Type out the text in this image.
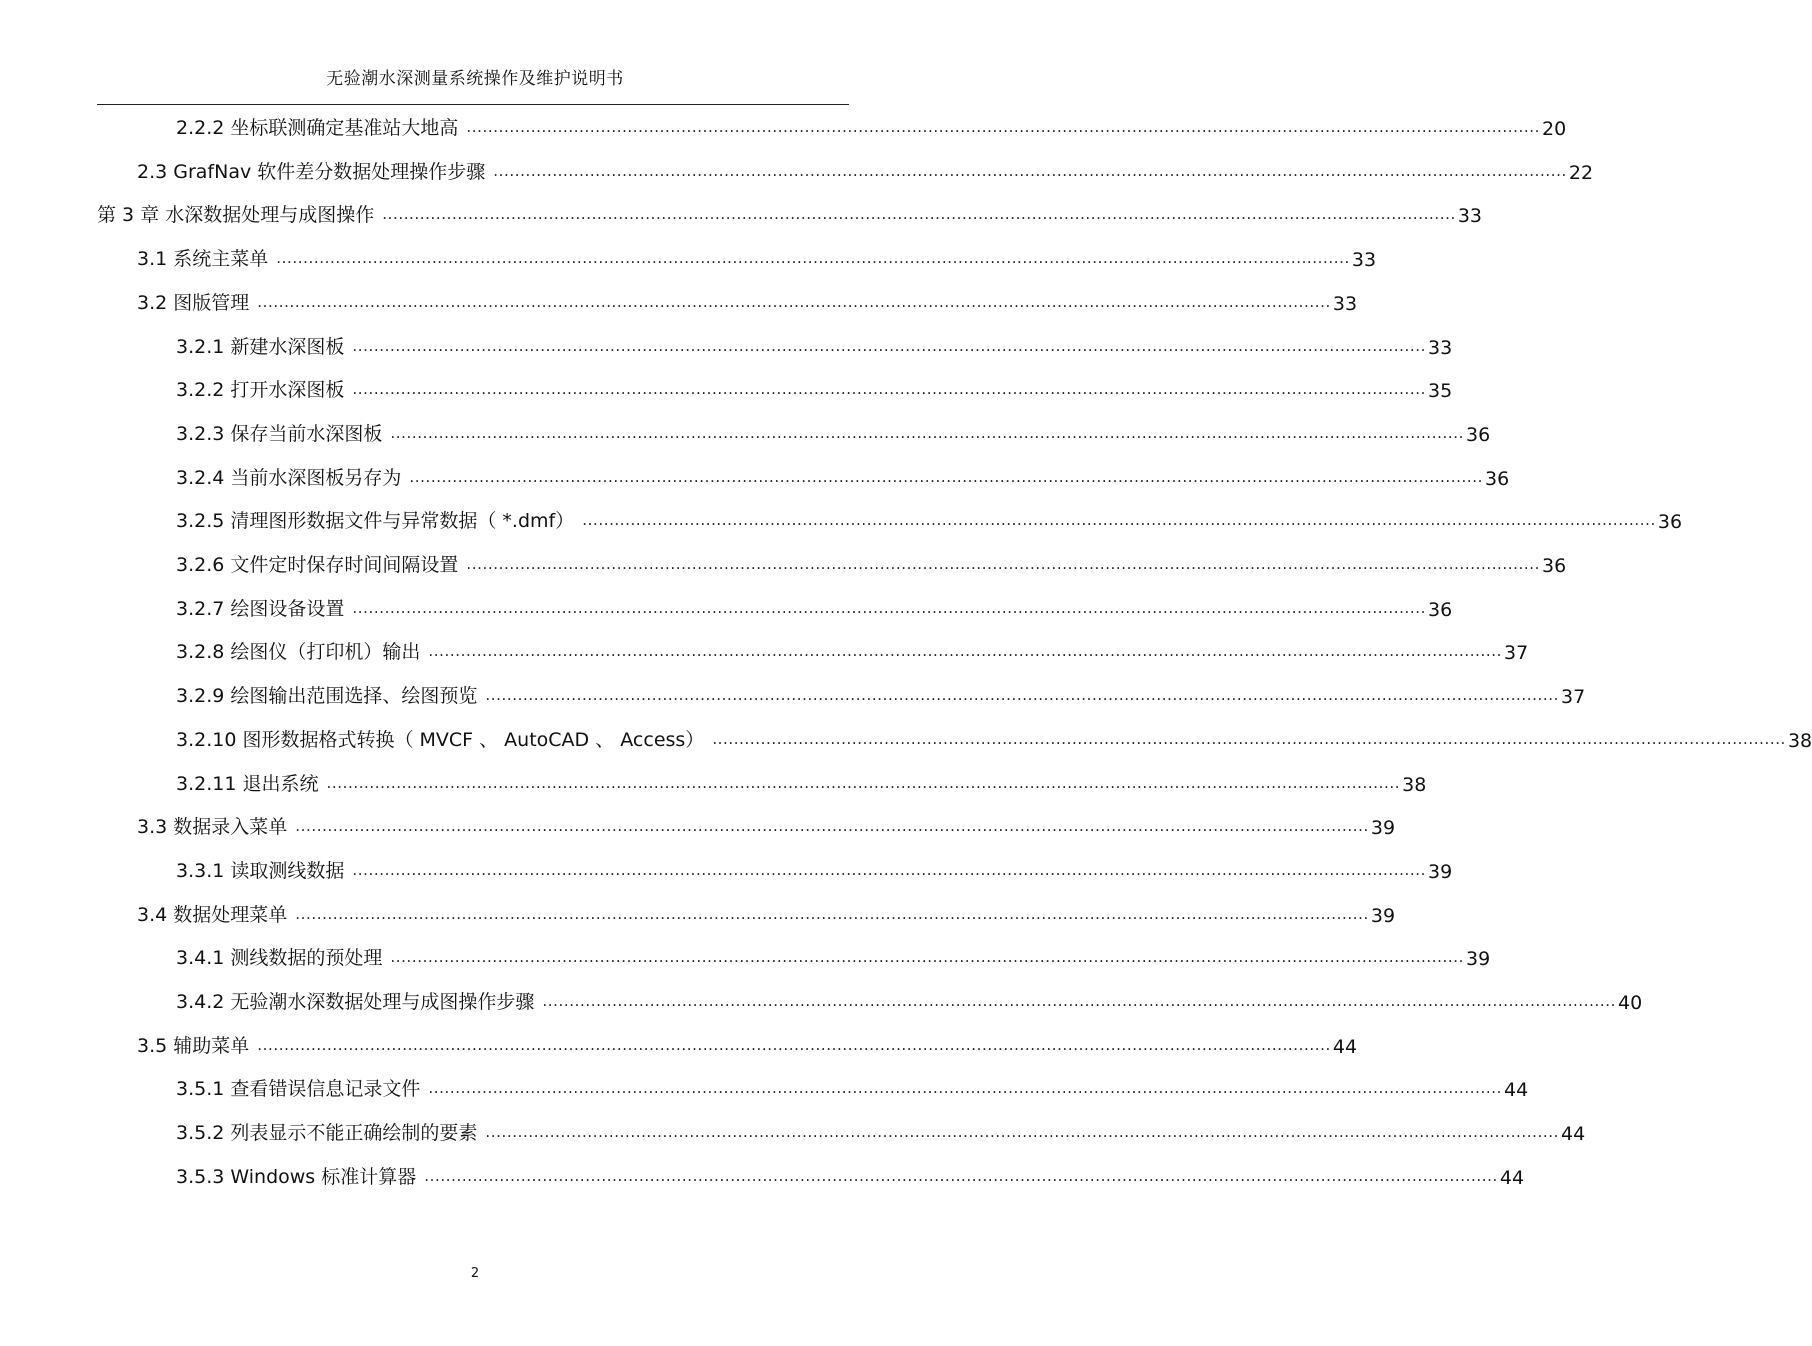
无验潮水深测量系统操作及维护说明书
2.2.2 坐标联测确定基准站大地高 ........................................................................................................................................................................................................ 20
2.3 GrafNav 软件差分数据处理操作步骤 ........................................................................................................................................................................................................ 22
第 3 章 水深数据处理与成图操作 ........................................................................................................................................................................................................ 33
3.1 系统主菜单 ........................................................................................................................................................................................................ 33
3.2 图版管理 ........................................................................................................................................................................................................ 33
3.2.1 新建水深图板 ........................................................................................................................................................................................................ 33
3.2.2 打开水深图板 ........................................................................................................................................................................................................ 35
3.2.3 保存当前水深图板 ........................................................................................................................................................................................................ 36
3.2.4 当前水深图板另存为 ........................................................................................................................................................................................................ 36
3.2.5 清理图形数据文件与异常数据（ *.dmf） ........................................................................................................................................................................................................ 36
3.2.6 文件定时保存时间间隔设置 ........................................................................................................................................................................................................ 36
3.2.7 绘图设备设置 ........................................................................................................................................................................................................ 36
3.2.8 绘图仪（打印机）输出 ........................................................................................................................................................................................................ 37
3.2.9 绘图输出范围选择、绘图预览 ........................................................................................................................................................................................................ 37
3.2.10 图形数据格式转换（ MVCF 、 AutoCAD 、 Access） ........................................................................................................................................................................................................ 38
3.2.11 退出系统 ........................................................................................................................................................................................................ 38
3.3 数据录入菜单 ........................................................................................................................................................................................................ 39
3.3.1 读取测线数据 ........................................................................................................................................................................................................ 39
3.4 数据处理菜单 ........................................................................................................................................................................................................ 39
3.4.1 测线数据的预处理 ........................................................................................................................................................................................................ 39
3.4.2 无验潮水深数据处理与成图操作步骤 ........................................................................................................................................................................................................ 40
3.5 辅助菜单 ........................................................................................................................................................................................................ 44
3.5.1 查看错误信息记录文件 ........................................................................................................................................................................................................ 44
3.5.2 列表显示不能正确绘制的要素 ........................................................................................................................................................................................................ 44
3.5.3 Windows 标准计算器 ........................................................................................................................................................................................................ 44
2
